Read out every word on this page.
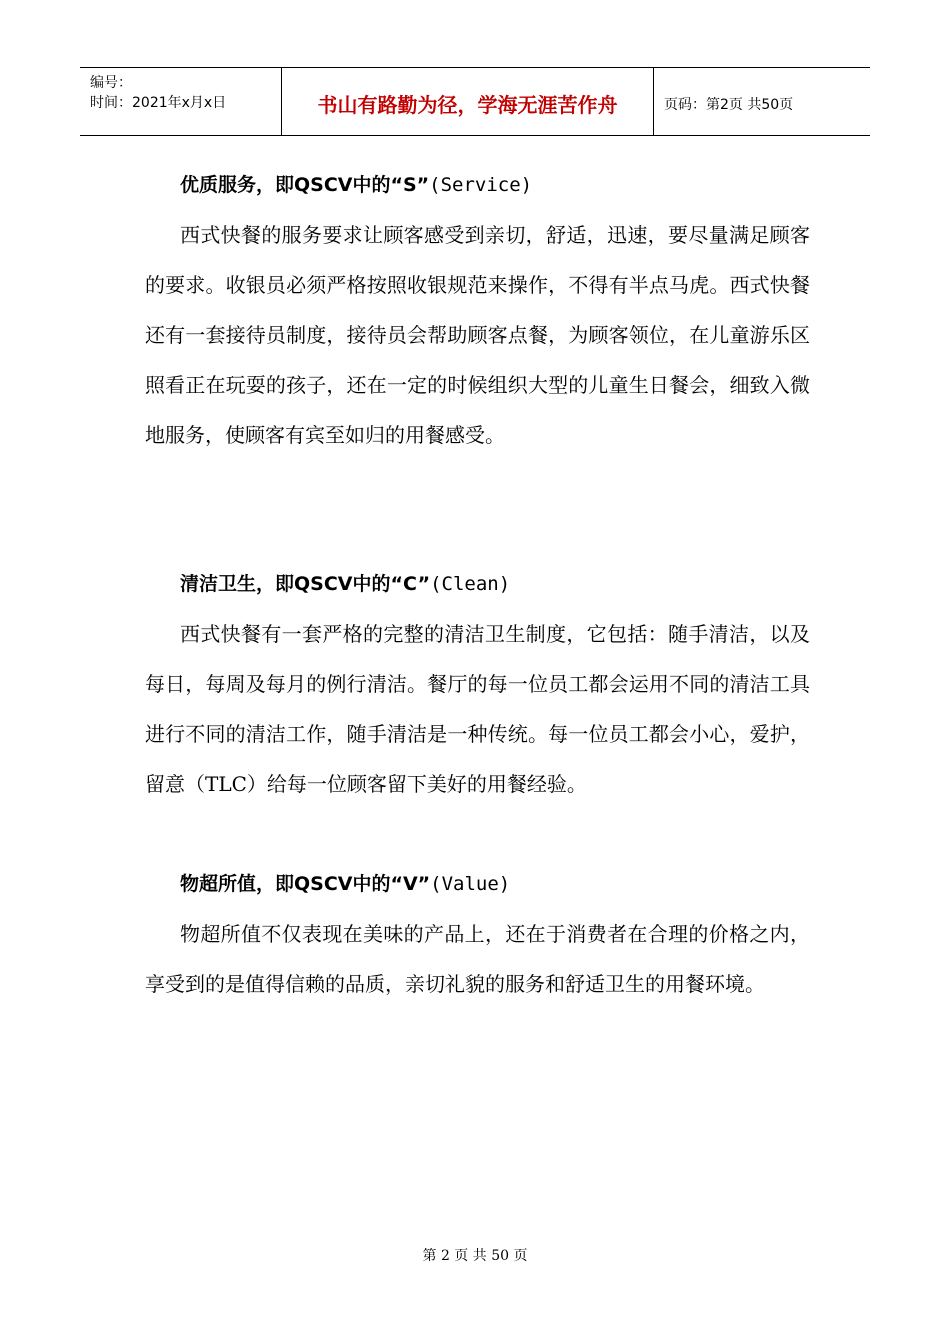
编号：
时间：2021年x月x日	书山有路勤为径，学海无涯苦作舟	页码：第2页 共50页
优质服务，即QSCV中的“S”(Service)

西式快餐的服务要求让顾客感受到亲切，舒适，迅速，要尽量满足顾客的要求。收银员必须严格按照收银规范来操作，不得有半点马虎。西式快餐还有一套接待员制度，接待员会帮助顾客点餐，为顾客领位，在儿童游乐区照看正在玩耍的孩子，还在一定的时候组织大型的儿童生日餐会，细致入微地服务，使顾客有宾至如归的用餐感受。

清洁卫生，即QSCV中的“C”(Clean)

西式快餐有一套严格的完整的清洁卫生制度，它包括：随手清洁，以及每日，每周及每月的例行清洁。餐厅的每一位员工都会运用不同的清洁工具进行不同的清洁工作，随手清洁是一种传统。每一位员工都会小心，爱护，留意（TLC）给每一位顾客留下美好的用餐经验。

物超所值，即QSCV中的“V”(Value)

物超所值不仅表现在美味的产品上，还在于消费者在合理的价格之内，享受到的是值得信赖的品质，亲切礼貌的服务和舒适卫生的用餐环境。

第 2 页 共 50 页
